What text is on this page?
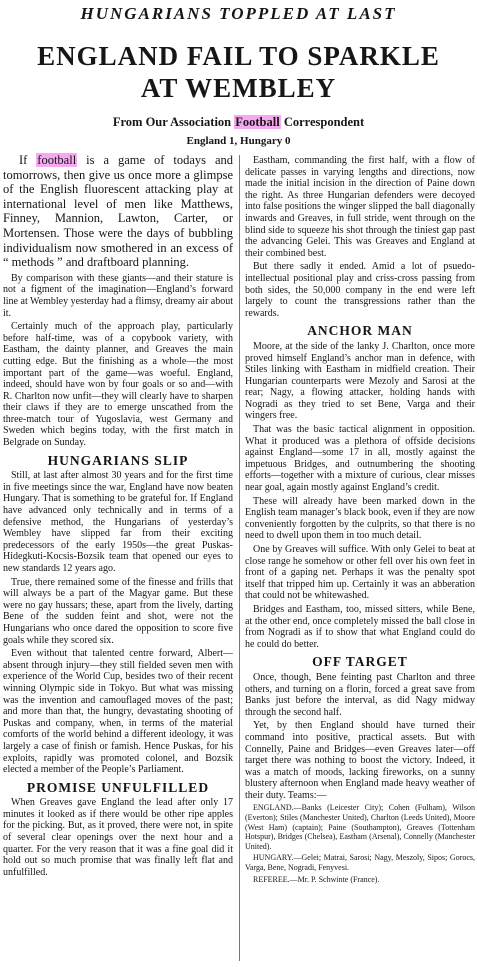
HUNGARIANS TOPPLED AT LAST
ENGLAND FAIL TO SPARKLE
AT WEMBLEY
From Our Association Football Correspondent
England 1, Hungary 0

If football is a game of todays and tomorrows, then give us once more a glimpse of the English fluorescent attacking play at international level of men like Matthews, Finney, Mannion, Lawton, Carter, or Mortensen. Those were the days of bubbling individualism now smothered in an excess of “ methods ” and draftboard planning.

By comparison with these giants—and their stature is not a figment of the imagination—England’s forward line at Wembley yesterday had a flimsy, dreamy air about it.

Certainly much of the approach play, particularly before half-time, was of a copybook variety, with Eastham, the dainty planner, and Greaves the main cutting edge. But the finishing as a whole—the most important part of the game—was woeful. England, indeed, should have won by four goals or so and—with R. Charlton now unfit—they will clearly have to sharpen their claws if they are to emerge unscathed from the three-match tour of Yugoslavia, west Germany and Sweden which begins today, with the first match in Belgrade on Sunday.

HUNGARIANS SLIP

Still, at last after almost 30 years and for the first time in five meetings since the war, England have now beaten Hungary. That is something to be grateful for. If England have advanced only technically and in terms of a defensive method, the Hungarians of yesterday’s Wembley have slipped far from their exciting predecessors of the early 1950s—the great Puskas-Hidegkuti-Kocsis-Bozsik team that opened our eyes to new standards 12 years ago.

True, there remained some of the finesse and frills that will always be a part of the Magyar game. But these were no gay hussars; these, apart from the lively, darting Bene of the sudden feint and shot, were not the Hungarians who once dared the opposition to score five goals while they scored six.

Even without that talented centre forward, Albert—absent through injury—they still fielded seven men with experience of the World Cup, besides two of their recent winning Olympic side in Tokyo. But what was missing was the invention and camouflaged moves of the past; and more than that, the hungry, devastating shooting of Puskas and company, when, in terms of the material comforts of the world behind a different ideology, it was largely a case of finish or famish. Hence Puskas, for his exploits, rapidly was promoted colonel, and Bozsik elected a member of the People’s Parliament.

PROMISE UNFULFILLED

When Greaves gave England the lead after only 17 minutes it looked as if there would be other ripe apples for the picking. But, as it proved, there were not, in spite of several clear openings over the next hour and a quarter. For the very reason that it was a fine goal did it hold out so much promise that was finally left flat and unfulfilled.

Eastham, commanding the first half, with a flow of delicate passes in varying lengths and directions, now made the initial incision in the direction of Paine down the right. As three Hungarian defenders were decoyed into false positions the winger slipped the ball diagonally inwards and Greaves, in full stride, went through on the blind side to squeeze his shot through the tiniest gap past the advancing Gelei. This was Greaves and England at their combined best.

But there sadly it ended. Amid a lot of psuedo-intellectual positional play and criss-cross passing from both sides, the 50,000 company in the end were left largely to count the transgressions rather than the rewards.

ANCHOR MAN

Moore, at the side of the lanky J. Charlton, once more proved himself England’s anchor man in defence, with Stiles linking with Eastham in midfield creation. Their Hungarian counterparts were Mezoly and Sarosi at the rear; Nagy, a flowing attacker, holding hands with Nogradi as they tried to set Bene, Varga and their wingers free.

That was the basic tactical alignment in opposition. What it produced was a plethora of offside decisions against England—some 17 in all, mostly against the impetuous Bridges, and outnumbering the shooting efforts—together with a mixture of curious, clear misses near goal, again mostly against England’s credit.

These will already have been marked down in the English team manager’s black book, even if they are now conveniently forgotten by the culprits, so that there is no need to dwell upon them in too much detail.

One by Greaves will suffice. With only Gelei to beat at close range he somehow or other fell over his own feet in front of a gaping net. Perhaps it was the penalty spot itself that tripped him up. Certainly it was an abberation that could not be whitewashed.

Bridges and Eastham, too, missed sitters, while Bene, at the other end, once completely missed the ball close in from Nogradi as if to show that what England could do he could do better.

OFF TARGET

Once, though, Bene feinting past Charlton and three others, and turning on a florin, forced a great save from Banks just before the interval, as did Nagy midway through the second half.

Yet, by then England should have turned their command into positive, practical assets. But with Connelly, Paine and Bridges—even Greaves later—off target there was nothing to boost the victory. Indeed, it was a match of moods, lacking fireworks, on a sunny blustery afternoon when England made heavy weather of their duty. Teams:—

ENGLAND.—Banks (Leicester City); Cohen (Fulham), Wilson (Everton); Stiles (Manchester United), Charlton (Leeds United), Moore (West Ham) (captain); Paine (Southampton), Greaves (Tottenham Hotspur), Bridges (Chelsea), Eastham (Arsenal), Connelly (Manchester United).

HUNGARY.—Gelei; Matrai, Sarosi; Nagy, Meszoly, Sipos; Gorocs, Varga, Bene, Nogradi, Fenyvesi.

REFEREE.—Mr. P. Schwinte (France).
